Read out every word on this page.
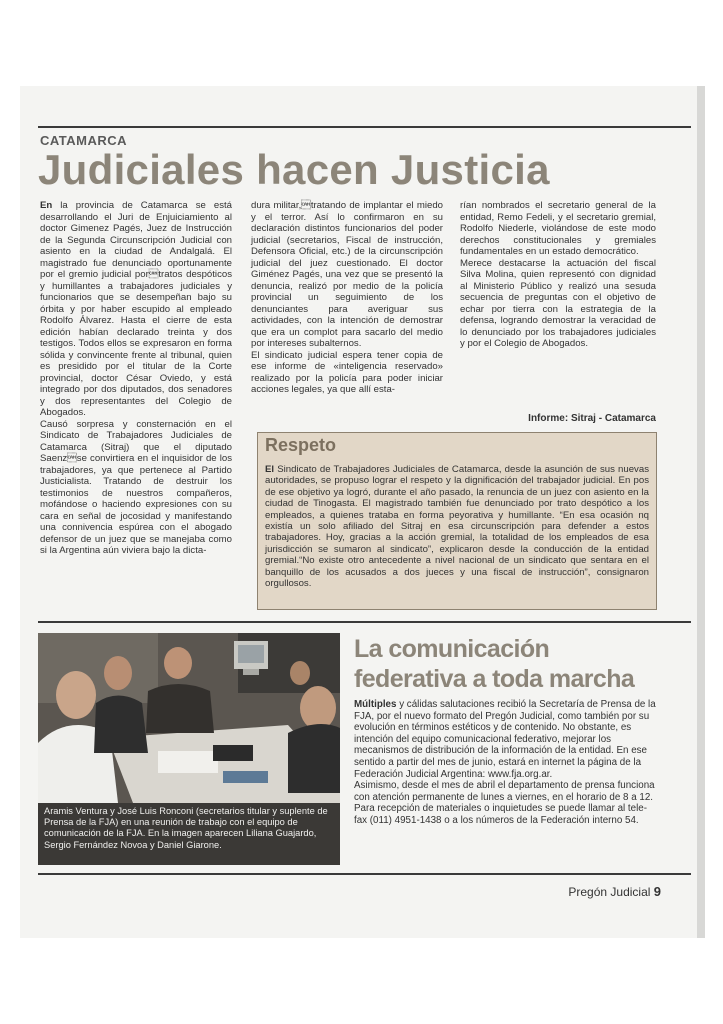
CATAMARCA
Judiciales hacen Justicia

En la provincia de Catamarca se está desarrollando el Juri de Enjuiciamiento al doctor Gimenez Pagés, Juez de Instrucción de la Segunda Circunscripción Judicial con asiento en la ciudad de Andalgalá. El magistrado fue denunciado oportunamente por el gremio judicial portratos despóticos y humillantes a trabajadores judiciales y funcionarios que se desempeñan bajo su órbita y por haber escupido al empleado Rodolfo Álvarez. Hasta el cierre de esta edición habían declarado treinta y dos testigos. Todos ellos se expresaron en forma sólida y convincente frente al tribunal, quien es presidido por el titular de la Corte provincial, doctor César Oviedo, y está integrado por dos diputados, dos senadores y dos representantes del Colegio de Abogados.

Causó sorpresa y consternación en el Sindicato de Trabajadores Judiciales de Catamarca (Sitraj) que el diputado Saenzse convirtiera en el inquisidor de los trabajadores, ya que pertenece al Partido Justicialista. Tratando de destruir los testimonios de nuestros compañeros, mofándose o haciendo expresiones con su cara en señal de jocosidad y manifestando una connivencia espúrea con el abogado defensor de un juez que se manejaba como si la Argentina aún viviera bajo la dicta-

dura militar,tratando de implantar el miedo y el terror. Así lo confirmaron en su declaración distintos funcionarios del poder judicial (secretarios, Fiscal de instrucción, Defensora Oficial, etc.) de la circunscripción judicial del juez cuestionado. El doctor Giménez Pagés, una vez que se presentó la denuncia, realizó por medio de la policía provincial un seguimiento de los denunciantes para averiguar sus actividades, con la intención de demostrar que era un complot para sacarlo del medio por intereses subalternos.

El sindicato judicial espera tener copia de ese informe de «inteligencia reservado» realizado por la policía para poder iniciar acciones legales, ya que allí esta-

rían nombrados el secretario general de la entidad, Remo Fedeli, y el secretario gremial, Rodolfo Niederle, violándose de este modo derechos constitucionales y gremiales fundamentales en un estado democrático.

Merece destacarse la actuación del fiscal Silva Molina, quien representó con dignidad al Ministerio Público y realizó una sesuda secuencia de preguntas con el objetivo de echar por tierra con la estrategia de la defensa, logrando demostrar la veracidad de lo denunciado por los trabajadores judiciales y por el Colegio de Abogados.

Informe: Sitraj - Catamarca
Respeto
El Sindicato de Trabajadores Judiciales de Catamarca, desde la asunción de sus nuevas autoridades, se propuso lograr el respeto y la dignificación del trabajador judicial. En pos de ese objetivo ya logró, durante el año pasado, la renuncia de un juez con asiento en la ciudad de Tinogasta. El magistrado también fue denunciado por trato despótico a los empleados, a quienes trataba en forma peyorativa y humillante. “En esa ocasión nq existía un solo afiliado del Sitraj en esa circunscripción para defender a estos trabajadores. Hoy, gracias a la acción gremial, la totalidad de los empleados de esa jurisdicción se sumaron al sindicato”, explicaron desde la conducción de la entidad gremial.“No existe otro antecedente a nivel nacional de un sindicato que sentara en el banquillo de los acusados a dos jueces y una fiscal de instrucción”, consignaron orgullosos.
Aramis Ventura y José Luis Ronconi (secretarios titular y suplente de Prensa de la FJA) en una reunión de trabajo con el equipo de comunicación de la FJA. En la imagen aparecen Liliana Guajardo, Sergio Fernández Novoa y Daniel Giarone.
La comunicación
federativa a toda marcha

Múltiples y cálidas salutaciones recibió la Secretaría de Prensa de la FJA, por el nuevo formato del Pregón Judicial, como también por su evolución en términos estéticos y de contenido. No obstante, es intención del equipo comunicacional federativo, mejorar los mecanismos de distribución de la información de la entidad. En ese sentido a partir del mes de junio, estará en internet la página de la Federación Judicial Argentina: www.fja.org.ar.

Asimismo, desde el mes de abril el departamento de prensa funciona con atención permanente de lunes a viernes, en el horario de 8 a 12. Para recepción de materiales o inquietudes se puede llamar al tele-fax (011) 4951-1438 o a los números de la Federación interno 54.

Pregón Judicial 9
